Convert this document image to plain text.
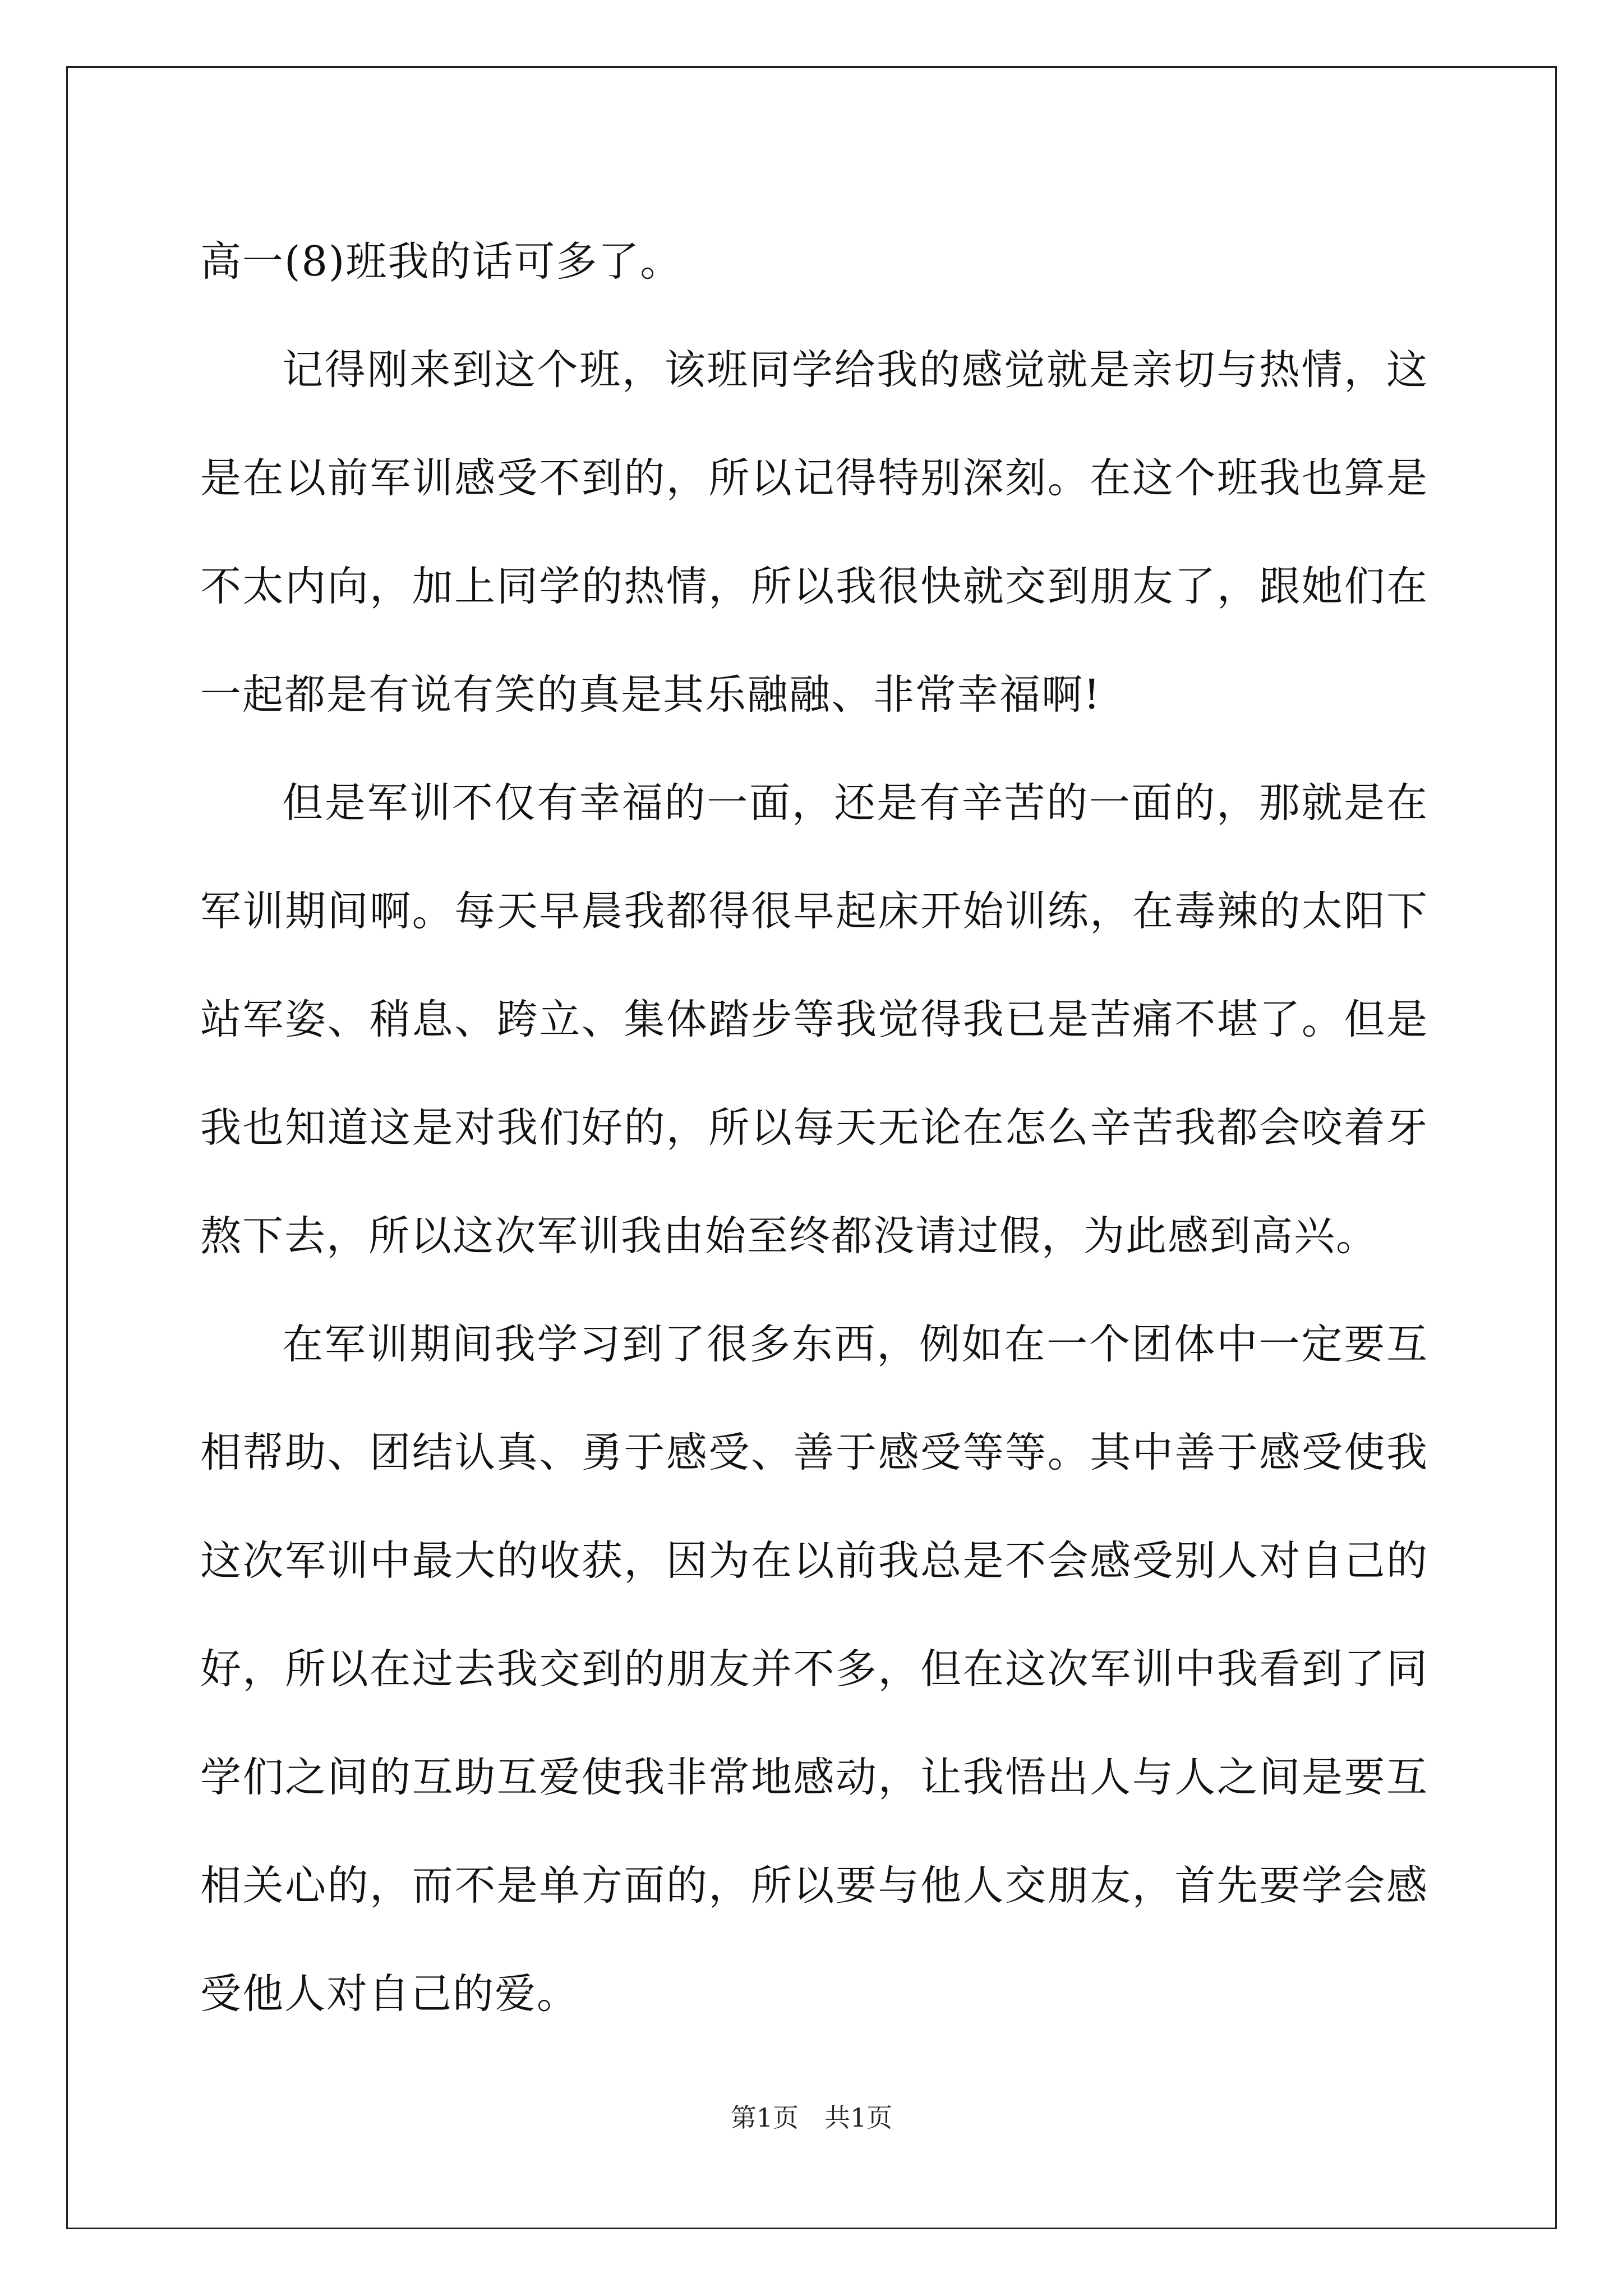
高一(8)班我的话可多了。

记得刚来到这个班，该班同学给我的感觉就是亲切与热情，这是在以前军训感受不到的，所以记得特别深刻。在这个班我也算是不太内向，加上同学的热情，所以我很快就交到朋友了，跟她们在一起都是有说有笑的真是其乐融融、非常幸福啊!

但是军训不仅有幸福的一面，还是有辛苦的一面的，那就是在军训期间啊。每天早晨我都得很早起床开始训练，在毒辣的太阳下站军姿、稍息、跨立、集体踏步等我觉得我已是苦痛不堪了。但是我也知道这是对我们好的，所以每天无论在怎么辛苦我都会咬着牙熬下去，所以这次军训我由始至终都没请过假，为此感到高兴。

在军训期间我学习到了很多东西，例如在一个团体中一定要互相帮助、团结认真、勇于感受、善于感受等等。其中善于感受使我这次军训中最大的收获，因为在以前我总是不会感受别人对自己的好，所以在过去我交到的朋友并不多，但在这次军训中我看到了同学们之间的互助互爱使我非常地感动，让我悟出人与人之间是要互相关心的，而不是单方面的，所以要与他人交朋友，首先要学会感受他人对自己的爱。

第1页　共1页
